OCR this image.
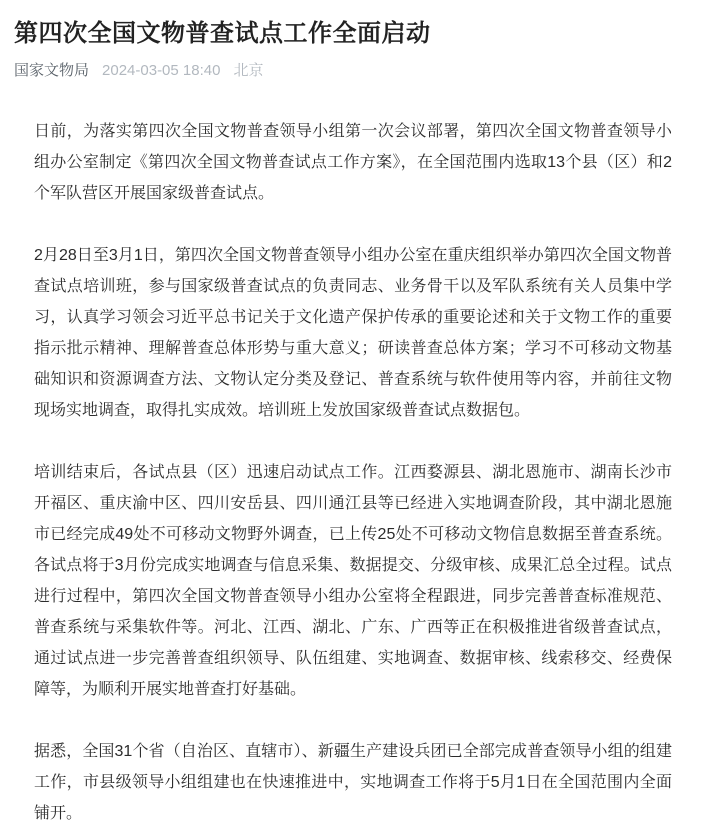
第四次全国文物普查试点工作全面启动
国家文物局 2024-03-05 18:40 北京

日前，为落实第四次全国文物普查领导小组第一次会议部署，第四次全国文物普查领导小组办公室制定《第四次全国文物普查试点工作方案》，在全国范围内选取13个县（区）和2个军队营区开展国家级普查试点。

2月28日至3月1日，第四次全国文物普查领导小组办公室在重庆组织举办第四次全国文物普查试点培训班，参与国家级普查试点的负责同志、业务骨干以及军队系统有关人员集中学习，认真学习领会习近平总书记关于文化遗产保护传承的重要论述和关于文物工作的重要指示批示精神、理解普查总体形势与重大意义；研读普查总体方案；学习不可移动文物基础知识和资源调查方法、文物认定分类及登记、普查系统与软件使用等内容，并前往文物现场实地调查，取得扎实成效。培训班上发放国家级普查试点数据包。

培训结束后，各试点县（区）迅速启动试点工作。江西婺源县、湖北恩施市、湖南长沙市开福区、重庆渝中区、四川安岳县、四川通江县等已经进入实地调查阶段，其中湖北恩施市已经完成49处不可移动文物野外调查，已上传25处不可移动文物信息数据至普查系统。各试点将于3月份完成实地调查与信息采集、数据提交、分级审核、成果汇总全过程。试点进行过程中，第四次全国文物普查领导小组办公室将全程跟进，同步完善普查标准规范、普查系统与采集软件等。河北、江西、湖北、广东、广西等正在积极推进省级普查试点，通过试点进一步完善普查组织领导、队伍组建、实地调查、数据审核、线索移交、经费保障等，为顺利开展实地普查打好基础。

据悉，全国31个省（自治区、直辖市）、新疆生产建设兵团已全部完成普查领导小组的组建工作，市县级领导小组组建也在快速推进中，实地调查工作将于5月1日在全国范围内全面铺开。
